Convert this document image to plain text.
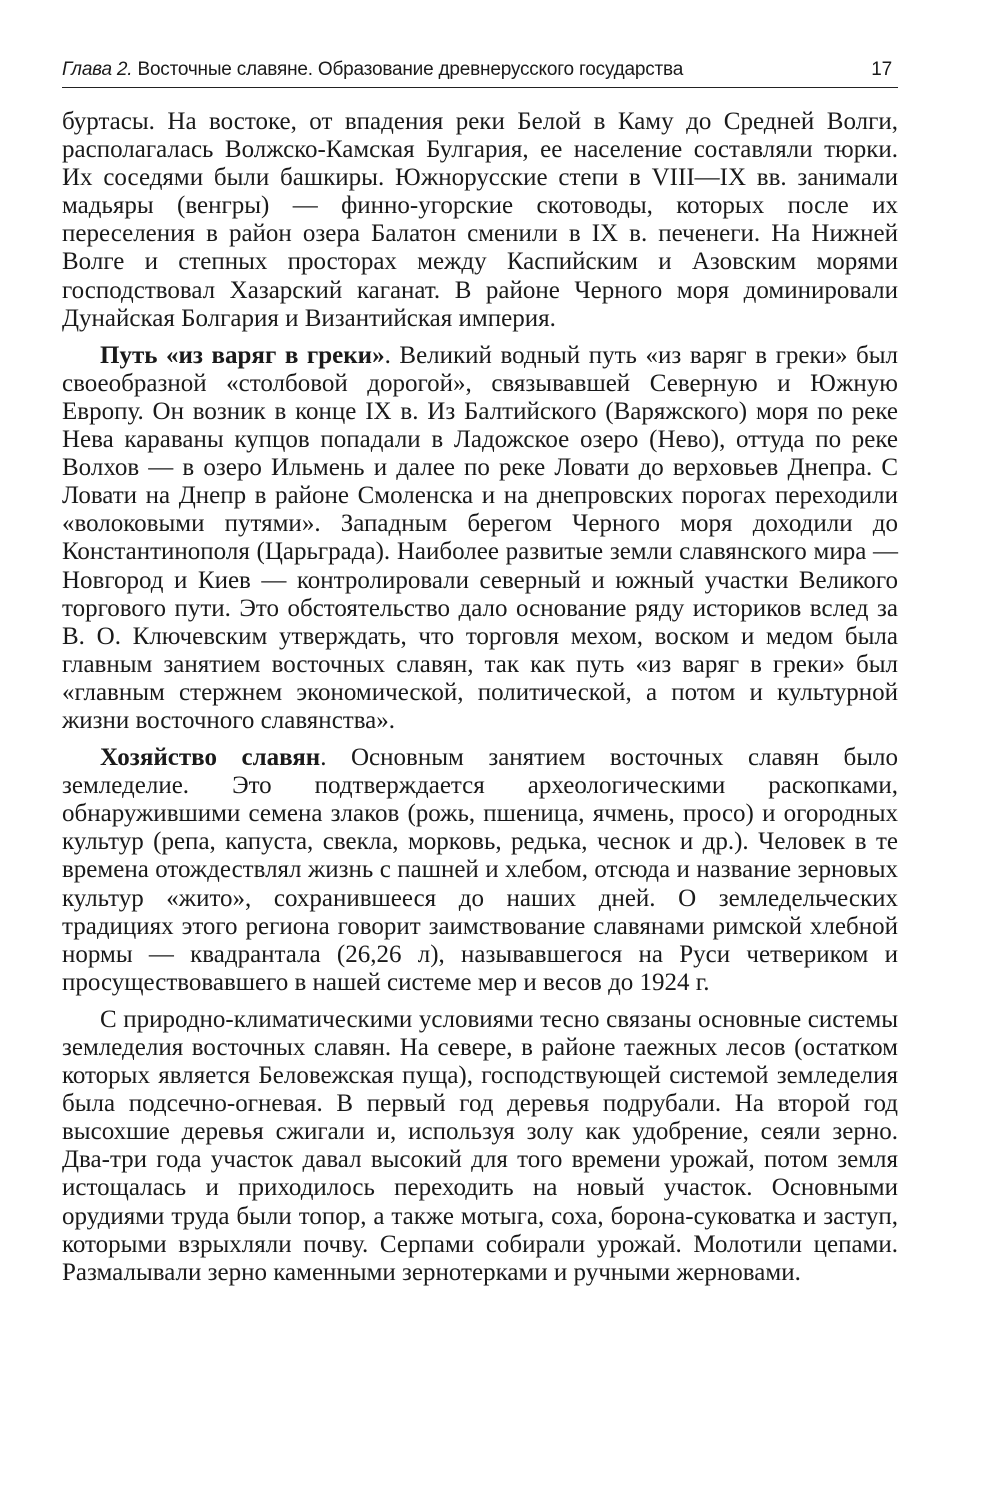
Глава 2. Восточные славяне. Образование древнерусского государства	17

буртасы. На востоке, от впадения реки Белой в Каму до Средней Волги, располагалась Волжско-Камская Булгария, ее население составляли тюрки. Их соседями были башкиры. Южнорусские степи в VIII—IX вв. занимали мадьяры (венгры) — финно-угорские скотоводы, которых после их переселения в район озера Балатон сменили в IX в. печенеги. На Нижней Волге и степных просторах между Каспийским и Азовским морями господствовал Хазарский каганат. В районе Черного моря доминировали Дунайская Болгария и Византийская империя.

Путь «из варяг в греки». Великий водный путь «из варяг в греки» был своеобразной «столбовой дорогой», связывавшей Северную и Южную Европу. Он возник в конце IX в. Из Балтийского (Варяжского) моря по реке Нева караваны купцов попадали в Ладожское озеро (Нево), оттуда по реке Волхов — в озеро Ильмень и далее по реке Ловати до верховьев Днепра. С Ловати на Днепр в районе Смоленска и на днепровских порогах переходили «волоковыми путями». Западным берегом Черного моря доходили до Константинополя (Царьграда). Наиболее развитые земли славянского мира — Новгород и Киев — контролировали северный и южный участки Великого торгового пути. Это обстоятельство дало основание ряду историков вслед за В. О. Ключевским утверждать, что торговля мехом, воском и медом была главным занятием восточных славян, так как путь «из варяг в греки» был «главным стержнем экономической, политической, а потом и культурной жизни восточного славянства».

Хозяйство славян. Основным занятием восточных славян было земледелие. Это подтверждается археологическими раскопками, обнаружившими семена злаков (рожь, пшеница, ячмень, просо) и огородных культур (репа, капуста, свекла, морковь, редька, чеснок и др.). Человек в те времена отождествлял жизнь с пашней и хлебом, отсюда и название зерновых культур «жито», сохранившееся до наших дней. О земледельческих традициях этого региона говорит заимствование славянами римской хлебной нормы — квадрантала (26,26 л), называвшегося на Руси четвериком и просуществовавшего в нашей системе мер и весов до 1924 г.

С природно-климатическими условиями тесно связаны основные системы земледелия восточных славян. На севере, в районе таежных лесов (остатком которых является Беловежская пуща), господствующей системой земледелия была подсечно-огневая. В первый год деревья подрубали. На второй год высохшие деревья сжигали и, используя золу как удобрение, сеяли зерно. Два-три года участок давал высокий для того времени урожай, потом земля истощалась и приходилось переходить на новый участок. Основными орудиями труда были топор, а также мотыга, соха, борона-суковатка и заступ, которыми взрыхляли почву. Серпами собирали урожай. Молотили цепами. Размалывали зерно каменными зернотерками и ручными жерновами.
